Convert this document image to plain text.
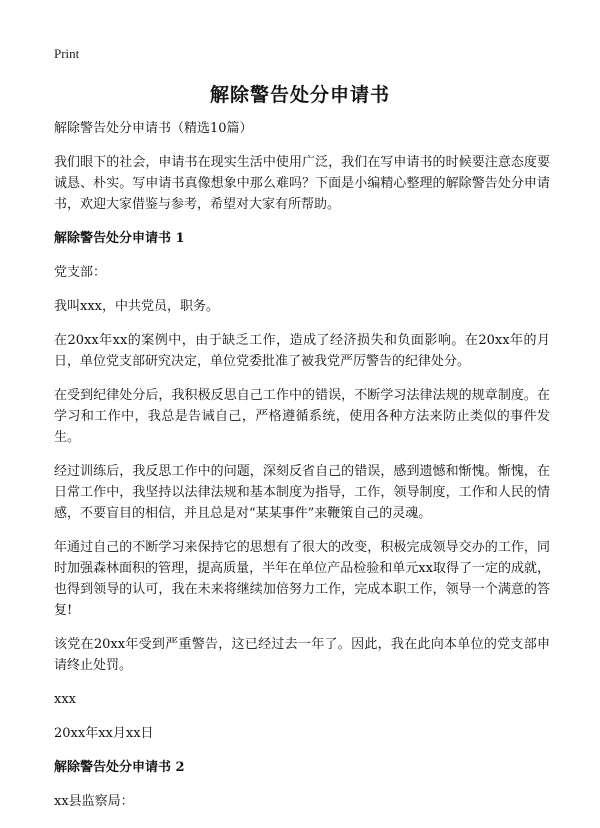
Print
解除警告处分申请书

解除警告处分申请书（精选10篇）

我们眼下的社会，申请书在现实生活中使用广泛，我们在写申请书的时候要注意态度要诚恳、朴实。写申请书真像想象中那么难吗？下面是小编精心整理的解除警告处分申请书，欢迎大家借鉴与参考，希望对大家有所帮助。

解除警告处分申请书 1

党支部：

我叫xxx，中共党员，职务。

在20xx年xx的案例中，由于缺乏工作，造成了经济损失和负面影响。在20xx年的月日，单位党支部研究决定，单位党委批准了被我党严厉警告的纪律处分。

在受到纪律处分后，我积极反思自己工作中的错误，不断学习法律法规的规章制度。在学习和工作中，我总是告诫自己，严格遵循系统，使用各种方法来防止类似的事件发生。

经过训练后，我反思工作中的问题，深刻反省自己的错误，感到遗憾和惭愧。惭愧，在日常工作中，我坚持以法律法规和基本制度为指导，工作，领导制度，工作和人民的情感，不要盲目的相信，并且总是对“某某事件”来鞭策自己的灵魂。

年通过自己的不断学习来保持它的思想有了很大的改变，积极完成领导交办的工作，同时加强森林面积的管理，提高质量，半年在单位产品检验和单元xx取得了一定的成就，也得到领导的认可，我在未来将继续加倍努力工作，完成本职工作，领导一个满意的答复!

该党在20xx年受到严重警告，这已经过去一年了。因此，我在此向本单位的党支部申请终止处罚。

xxx

20xx年xx月xx日

解除警告处分申请书 2

xx县监察局：
